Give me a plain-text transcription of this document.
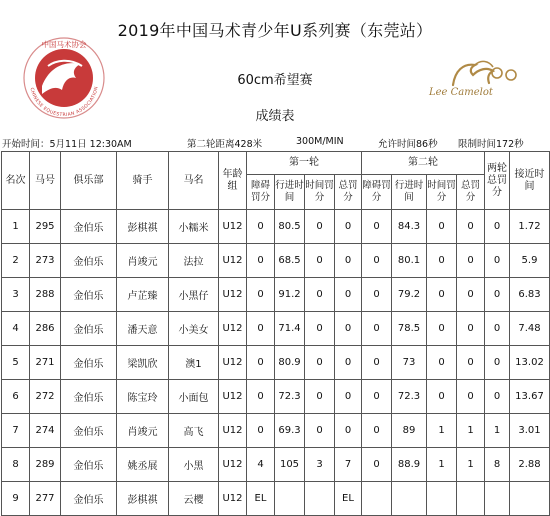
2019年中国马术青少年U系列赛（东莞站）
中国马术协会
CHINESE EQUESTRIAN ASSOCIATION
60cm希望赛
Lee Camelot
成绩表
开始时间：5月11日 12:30AM	第二轮距离428米	300M/MIN	允许时间86秒 限制时间172秒
名次	马号	俱乐部	骑手	马名	年龄组	第一轮				第二轮				两轮总罚分	接近时间
						障碍罚分	行进时间	时间罚分	总罚分	障碍罚分	行进时间	时间罚分	总罚分		
1	295	金伯乐	彭棋祺	小糯米	U12	0	80.5	0	0	0	84.3	0	0	0	1.72
2	273	金伯乐	肖竣元	法拉	U12	0	68.5	0	0	0	80.1	0	0	0	5.9
3	288	金伯乐	卢芷臻	小黑仔	U12	0	91.2	0	0	0	79.2	0	0	0	6.83
4	286	金伯乐	潘天意	小美女	U12	0	71.4	0	0	0	78.5	0	0	0	7.48
5	271	金伯乐	梁凯欣	澳1	U12	0	80.9	0	0	0	73	0	0	0	13.02
6	272	金伯乐	陈宝玲	小面包	U12	0	72.3	0	0	0	72.3	0	0	0	13.67
7	274	金伯乐	肖竣元	高飞	U12	0	69.3	0	0	0	89	1	1	1	3.01
8	289	金伯乐	姚丞展	小黑	U12	4	105	3	7	0	88.9	1	1	8	2.88
9	277	金伯乐	彭棋祺	云樱	U12	EL			EL						
